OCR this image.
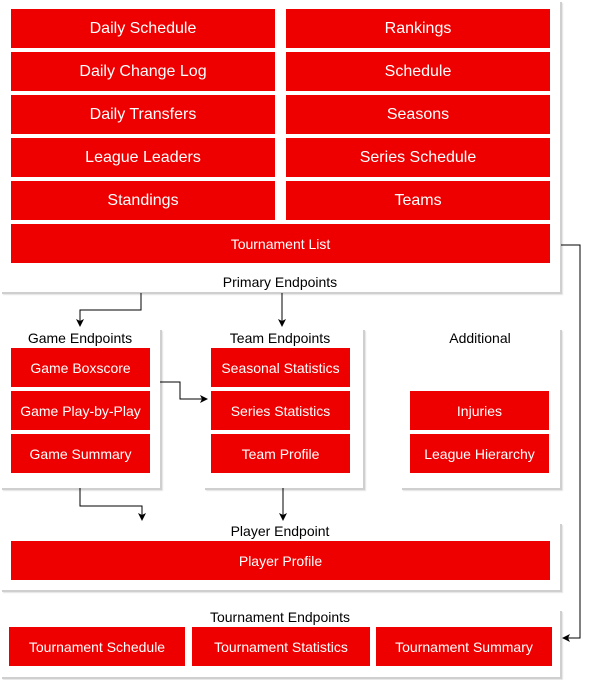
Daily Schedule
Daily Change Log
Daily Transfers
League Leaders
Standings
Rankings
Schedule
Seasons
Series Schedule
Teams
Tournament List
Primary Endpoints
Game Endpoints
Game Boxscore
Game Play-by-Play
Game Summary
Team Endpoints
Seasonal Statistics
Series Statistics
Team Profile
Additional
Injuries
League Hierarchy
Player Endpoint
Player Profile
Tournament Endpoints
Tournament Schedule	Tournament Statistics	Tournament Summary
